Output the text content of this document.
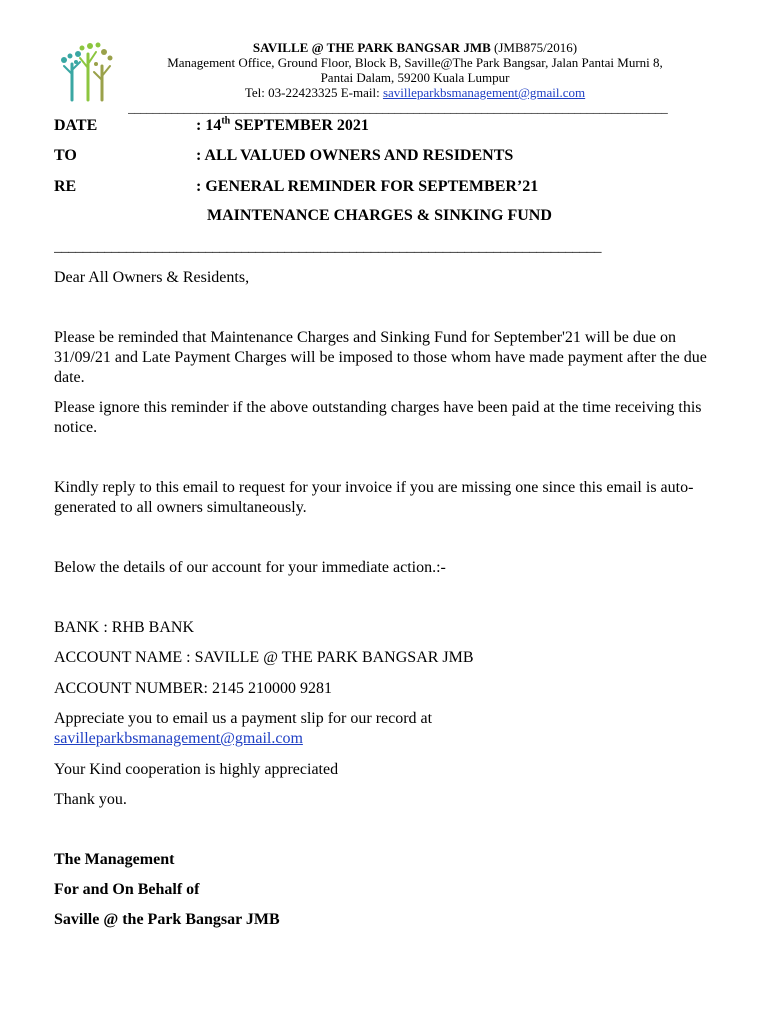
SAVILLE @ THE PARK BANGSAR JMB (JMB875/2016)
Management Office, Ground Floor, Block B, Saville@The Park Bangsar, Jalan Pantai Murni 8,
Pantai Dalam, 59200 Kuala Lumpur
Tel: 03-22423325 E-mail: savilleparkbsmanagement@gmail.com
_______________________________________________________________________________________
DATE	: 14th SEPTEMBER 2021
TO	: ALL VALUED OWNERS AND RESIDENTS
RE	: GENERAL REMINDER FOR SEPTEMBER’21
MAINTENANCE CHARGES & SINKING FUND
____________________________________________________________________________
Dear All Owners & Residents,
Please be reminded that Maintenance Charges and Sinking Fund for September'21 will be due on 31/09/21 and Late Payment Charges will be imposed to those whom have made payment after the due date.
Please ignore this reminder if the above outstanding charges have been paid at the time receiving this notice.
Kindly reply to this email to request for your invoice if you are missing one since this email is auto-generated to all owners simultaneously.
Below the details of our account for your immediate action.:-
BANK : RHB BANK
ACCOUNT NAME : SAVILLE @ THE PARK BANGSAR JMB
ACCOUNT NUMBER: 2145 210000 9281
Appreciate you to email us a payment slip for our record at
savilleparkbsmanagement@gmail.com
Your Kind cooperation is highly appreciated
Thank you.
The Management
For and On Behalf of
Saville @ the Park Bangsar JMB
